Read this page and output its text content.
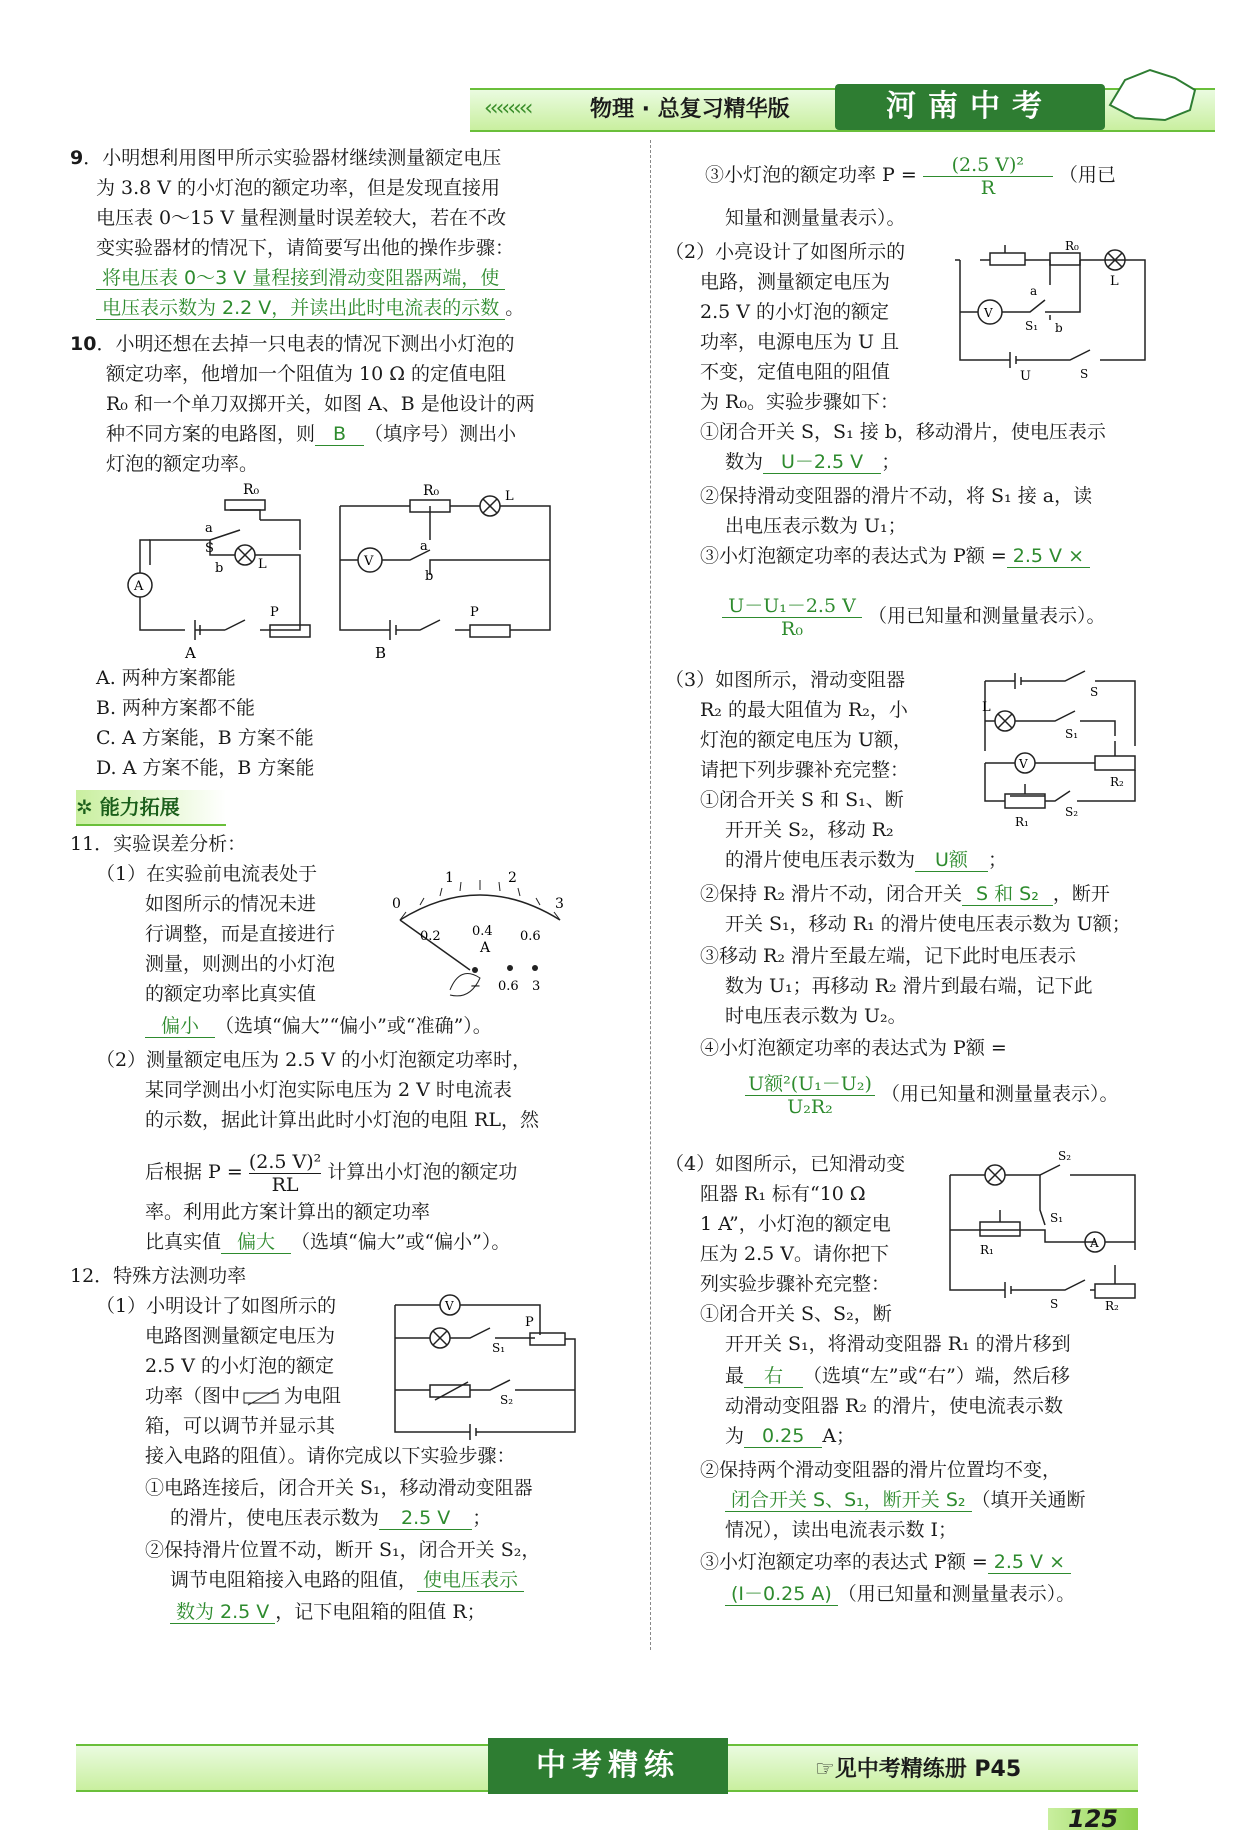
‹‹‹‹‹‹‹‹	物理 · 总复习精华版	河南中考
9．小明想利用图甲所示实验器材继续测量额定电压
为 3.8 V 的小灯泡的额定功率，但是发现直接用
电压表 0～15 V 量程测量时误差较大，若在不改
变实验器材的情况下，请简要写出他的操作步骤：
将电压表 0～3 V 量程接到滑动变阻器两端，使
电压表示数为 2.2 V，并读出此时电流表的示数 。
10．小明还想在去掉一只电表的情况下测出小灯泡的
额定功率，他增加一个阻值为 10 Ω 的定值电阻
R₀ 和一个单刀双掷开关，如图 A、B 是他设计的两
种不同方案的电路图，则 B （填序号）测出小
灯泡的额定功率。
R₀
a
S
b	L
A
P
R₀	L
V
a
b
P
A	B
A. 两种方案都能
B. 两种方案都不能
C. A 方案能，B 方案不能
D. A 方案不能，B 方案能
✲ 能力拓展
11．实验误差分析：
（1）在实验前电流表处于
如图所示的情况未进
行调整，而是直接进行
测量，则测出的小灯泡
的额定功率比真实值
偏小 （选填“偏大”“偏小”或“准确”）。
0
1	2
3
0.2 0.4 0.6
A
− 0.6 3
（2）测量额定电压为 2.5 V 的小灯泡额定功率时，
某同学测出小灯泡实际电压为 2 V 时电流表
的示数，据此计算出此时小灯泡的电阻 RL，然
后根据 $P = \frac{\text{(2.5 V)²}}{RL}$ 计算出小灯泡的额定功
率。利用此方案计算出的额定功率
比真实值 偏大 （选填“偏大”或“偏小”）。
12．特殊方法测功率
（1）小明设计了如图所示的
电路图测量额定电压为
2.5 V 的小灯泡的额定
功率（图中 为电阻
箱，可以调节并显示其
接入电路的阻值）。请你完成以下实验步骤：
V
P
S₁
S₂
①电路连接后，闭合开关 S₁，移动滑动变阻器
的滑片，使电压表示数为 2.5 V ；
②保持滑片位置不动，断开 S₁，闭合开关 S₂，
调节电阻箱接入电路的阻值， 使电压表示
数为 2.5 V ，记下电阻箱的阻值 R；
③小灯泡的额定功率 $P = \frac{\text{(2.5 V)²}}{R}$ （用已
知量和测量量表示）。
（2）小亮设计了如图所示的
电路，测量额定电压为
2.5 V 的小灯泡的额定
功率，电源电压为 U 且
不变，定值电阻的阻值
为 R₀。实验步骤如下：
R₀
L
V
a
S₁ b
U	S
①闭合开关 S，S₁ 接 b，移动滑片，使电压表示
数为 U－2.5 V ；
②保持滑动变阻器的滑片不动，将 S₁ 接 a，读
出电压表示数为 U₁；
③小灯泡额定功率的表达式为 P额 = 2.5 V ×
$\frac{\text{U－U₁－2.5 V}}{\text{R₀}}$ （用已知量和测量量表示）。
（3）如图所示，滑动变阻器
R₂ 的最大阻值为 R₂，小
灯泡的额定电压为 U额，
请把下列步骤补充完整：
①闭合开关 S 和 S₁、断
开开关 S₂，移动 R₂
S
L
S₁
V
R₂
R₁
S₂
的滑片使电压表示数为 U额 ；
②保持 R₂ 滑片不动，闭合开关 S 和 S₂ ，断开
开关 S₁，移动 R₁ 的滑片使电压表示数为 U额；
③移动 R₂ 滑片至最左端，记下此时电压表示
数为 U₁；再移动 R₂ 滑片到最右端，记下此
时电压表示数为 U₂。
④小灯泡额定功率的表达式为 P额 =
$\frac{\text{U额²(U₁－U₂)}}{\text{U₂R₂}}$ （用已知量和测量量表示）。
（4）如图所示，已知滑动变
阻器 R₁ 标有“10 Ω
1 A”，小灯泡的额定电
压为 2.5 V。请你把下
列实验步骤补充完整：
①闭合开关 S、S₂，断
开开关 S₁，将滑动变阻器 R₁ 的滑片移到
S₂
S₁
R₁	A
S	R₂
最 右 （选填“左”或“右”）端，然后移
动滑动变阻器 R₂ 的滑片，使电流表示数
为 0.25 A；
②保持两个滑动变阻器的滑片位置均不变，
闭合开关 S、S₁，断开关 S₂ （填开关通断
情况），读出电流表示数 I；
③小灯泡额定功率的表达式 P额 = 2.5 V ×
(I－0.25 A) （用已知量和测量量表示）。
中考精练	☞见中考精练册 P45
125
